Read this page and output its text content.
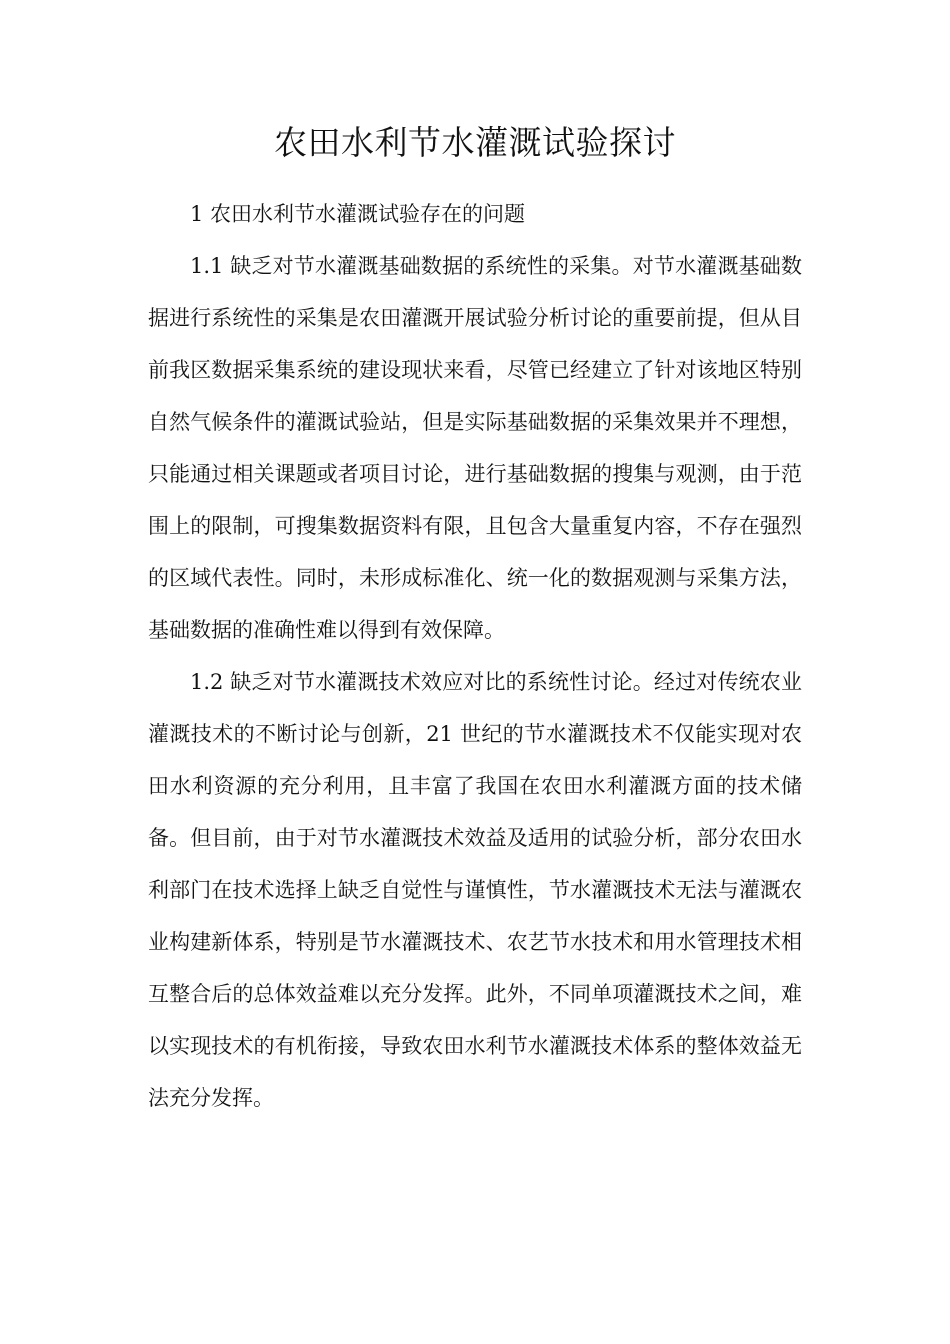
农田水利节水灌溉试验探讨

1 农田水利节水灌溉试验存在的问题

1.1 缺乏对节水灌溉基础数据的系统性的采集。对节水灌溉基础数据进行系统性的采集是农田灌溉开展试验分析讨论的重要前提，但从目前我区数据采集系统的建设现状来看，尽管已经建立了针对该地区特别自然气候条件的灌溉试验站，但是实际基础数据的采集效果并不理想，只能通过相关课题或者项目讨论，进行基础数据的搜集与观测，由于范围上的限制，可搜集数据资料有限，且包含大量重复内容，不存在强烈的区域代表性。同时，未形成标准化、统一化的数据观测与采集方法，基础数据的准确性难以得到有效保障。

1.2 缺乏对节水灌溉技术效应对比的系统性讨论。经过对传统农业灌溉技术的不断讨论与创新，21 世纪的节水灌溉技术不仅能实现对农田水利资源的充分利用，且丰富了我国在农田水利灌溉方面的技术储备。但目前，由于对节水灌溉技术效益及适用的试验分析，部分农田水利部门在技术选择上缺乏自觉性与谨慎性，节水灌溉技术无法与灌溉农业构建新体系，特别是节水灌溉技术、农艺节水技术和用水管理技术相互整合后的总体效益难以充分发挥。此外，不同单项灌溉技术之间，难以实现技术的有机衔接，导致农田水利节水灌溉技术体系的整体效益无法充分发挥。
